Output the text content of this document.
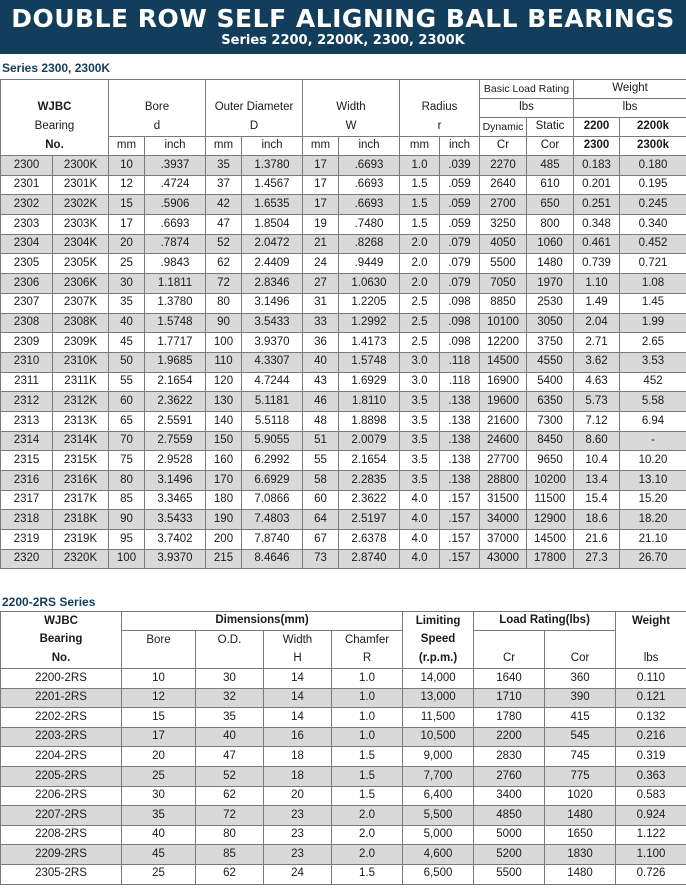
DOUBLE ROW SELF ALIGNING BALL BEARINGS
Series 2200, 2200K, 2300, 2300K
Series 2300, 2300K
										Basic Load Rating		Weight	
WJBC		Bore		Outer Diameter		Width		Radius		lbs		lbs	
Bearing		d		D		W		r		Dynamic	Static	2200	2200k
No.		mm	inch	mm	inch	mm	inch	mm	inch	Cr	Cor	2300	2300k
2300	2300K	10	.3937	35	1.3780	17	.6693	1.0	.039	2270	485	0.183	0.180
2301	2301K	12	.4724	37	1.4567	17	.6693	1.5	.059	2640	610	0.201	0.195
2302	2302K	15	.5906	42	1.6535	17	.6693	1.5	.059	2700	650	0.251	0.245
2303	2303K	17	.6693	47	1.8504	19	.7480	1.5	.059	3250	800	0.348	0.340
2304	2304K	20	.7874	52	2.0472	21	.8268	2.0	.079	4050	1060	0.461	0.452
2305	2305K	25	.9843	62	2.4409	24	.9449	2.0	.079	5500	1480	0.739	0.721
2306	2306K	30	1.1811	72	2.8346	27	1.0630	2.0	.079	7050	1970	1.10	1.08
2307	2307K	35	1.3780	80	3.1496	31	1.2205	2.5	.098	8850	2530	1.49	1.45
2308	2308K	40	1.5748	90	3.5433	33	1.2992	2.5	.098	10100	3050	2.04	1.99
2309	2309K	45	1.7717	100	3.9370	36	1.4173	2.5	.098	12200	3750	2.71	2.65
2310	2310K	50	1.9685	110	4.3307	40	1.5748	3.0	.118	14500	4550	3.62	3.53
2311	2311K	55	2.1654	120	4.7244	43	1.6929	3.0	.118	16900	5400	4.63	452
2312	2312K	60	2.3622	130	5.1181	46	1.8110	3.5	.138	19600	6350	5.73	5.58
2313	2313K	65	2.5591	140	5.5118	48	1.8898	3.5	.138	21600	7300	7.12	6.94
2314	2314K	70	2.7559	150	5.9055	51	2.0079	3.5	.138	24600	8450	8.60	-
2315	2315K	75	2.9528	160	6.2992	55	2.1654	3.5	.138	27700	9650	10.4	10.20
2316	2316K	80	3.1496	170	6.6929	58	2.2835	3.5	.138	28800	10200	13.4	13.10
2317	2317K	85	3.3465	180	7.0866	60	2.3622	4.0	.157	31500	11500	15.4	15.20
2318	2318K	90	3.5433	190	7.4803	64	2.5197	4.0	.157	34000	12900	18.6	18.20
2319	2319K	95	3.7402	200	7.8740	67	2.6378	4.0	.157	37000	14500	21.6	21.10
2320	2320K	100	3.9370	215	8.4646	73	2.8740	4.0	.157	43000	17800	27.3	26.70
2200-2RS Series
WJBC	Dimensions(mm)				Limiting	Load Rating(lbs)		Weight
Bearing	Bore	O.D.	Width	Chamfer	Speed			
No.			H	R	(r.p.m.)	Cr	Cor	lbs
2200-2RS	10	30	14	1.0	14,000	1640	360	0.110
2201-2RS	12	32	14	1.0	13,000	1710	390	0.121
2202-2RS	15	35	14	1.0	11,500	1780	415	0.132
2203-2RS	17	40	16	1.0	10,500	2200	545	0.216
2204-2RS	20	47	18	1.5	9,000	2830	745	0.319
2205-2RS	25	52	18	1.5	7,700	2760	775	0.363
2206-2RS	30	62	20	1.5	6,400	3400	1020	0.583
2207-2RS	35	72	23	2.0	5,500	4850	1480	0.924
2208-2RS	40	80	23	2.0	5,000	5000	1650	1.122
2209-2RS	45	85	23	2.0	4,600	5200	1830	1.100
2305-2RS	25	62	24	1.5	6,500	5500	1480	0.726
